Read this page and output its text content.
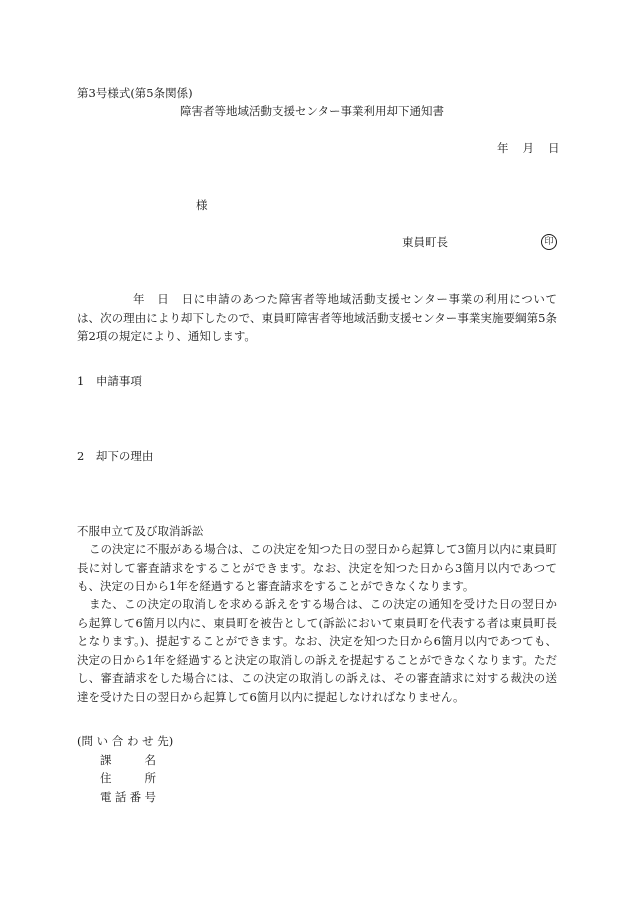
第3号様式(第5条関係)
障害者等地域活動支援センター事業利用却下通知書
年 月 日
様
東員町長	印
年　日　日に申請のあつた障害者等地域活動支援センター事業の利用については、次の理由により却下したので、東員町障害者等地域活動支援センター事業実施要綱第5条第2項の規定により、通知します。
1　申請事項
2　却下の理由
不服申立て及び取消訴訟
この決定に不服がある場合は、この決定を知つた日の翌日から起算して3箇月以内に東員町長に対して審査請求をすることができます。なお、決定を知つた日から3箇月以内であつても、決定の日から1年を経過すると審査請求をすることができなくなります。
また、この決定の取消しを求める訴えをする場合は、この決定の通知を受けた日の翌日から起算して6箇月以内に、東員町を被告として(訴訟において東員町を代表する者は東員町長となります。)、提起することができます。なお、決定を知つた日から6箇月以内であつても、決定の日から1年を経過すると決定の取消しの訴えを提起することができなくなります。ただし、審査請求をした場合には、この決定の取消しの訴えは、その審査請求に対する裁決の送達を受けた日の翌日から起算して6箇月以内に提起しなければなりません。
(問 い 合 わ せ 先)
課名
住所
電話番号
